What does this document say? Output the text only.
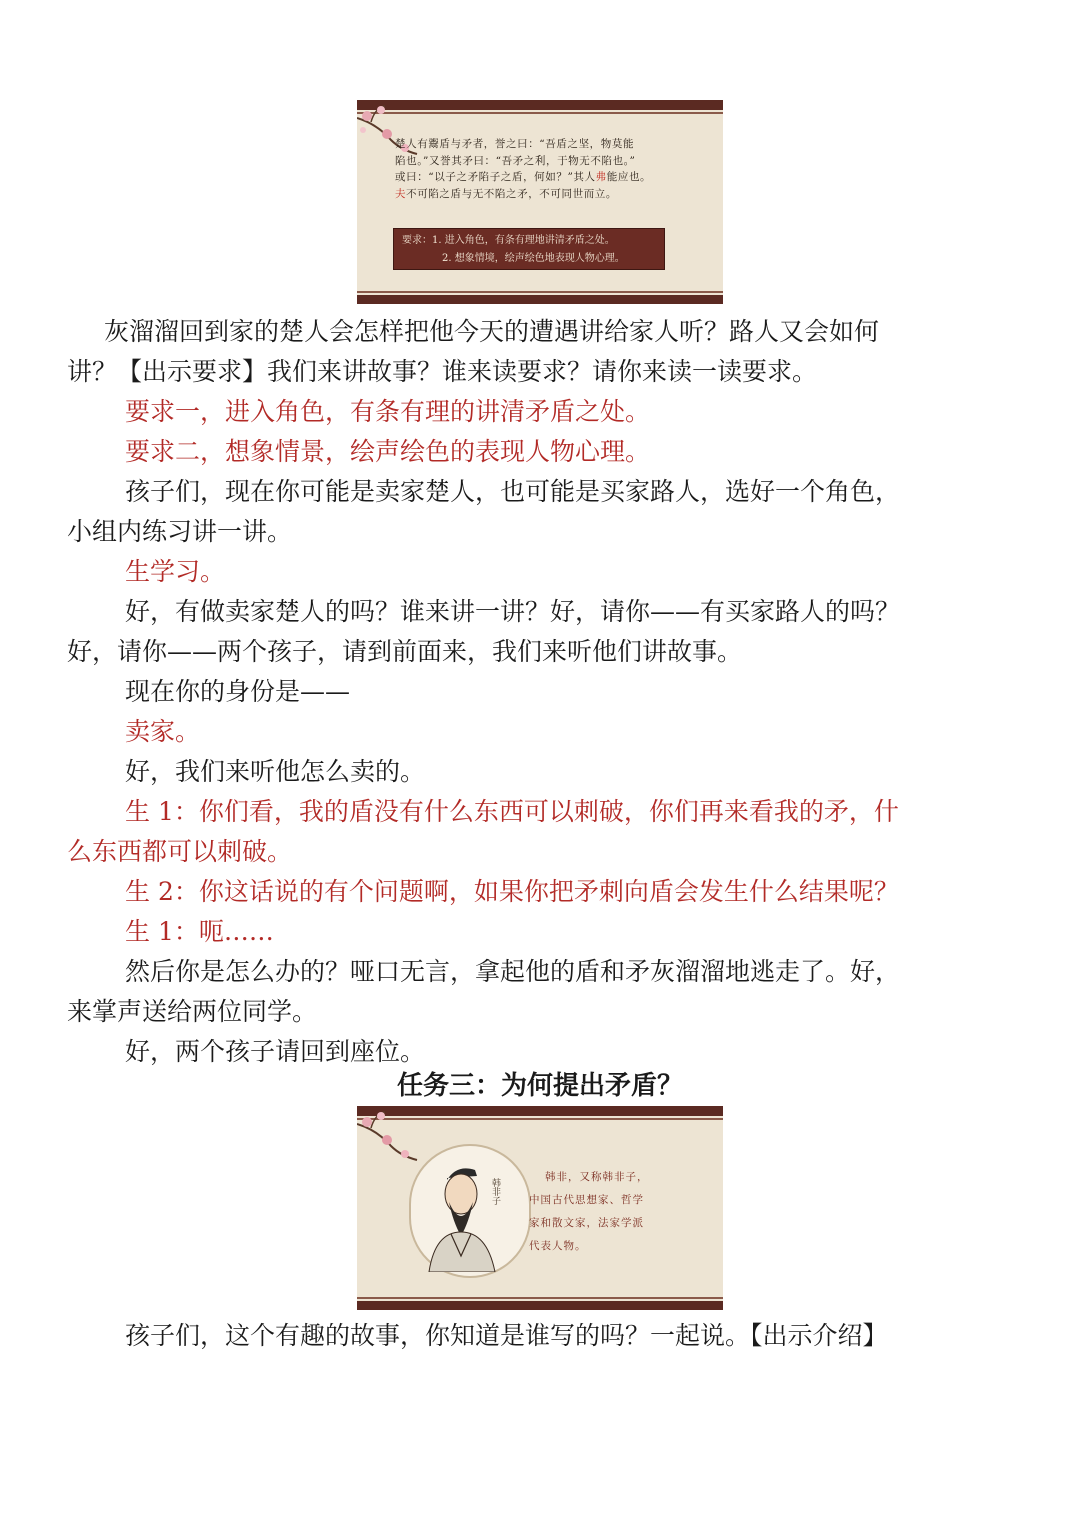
楚人有鬻盾与矛者，誉之曰：“吾盾之坚，物莫能

陷也。”又誉其矛曰：“吾矛之利，于物无不陷也。”

或曰：“以子之矛陷子之盾，何如？”其人弗能应也。

夫不可陷之盾与无不陷之矛，不可同世而立。

要求：1. 进入角色，有条有理地讲清矛盾之处。

2. 想象情境，绘声绘色地表现人物心理。

灰溜溜回到家的楚人会怎样把他今天的遭遇讲给家人听？路人又会如何

讲？【出示要求】我们来讲故事？谁来读要求？请你来读一读要求。

要求一，进入角色，有条有理的讲清矛盾之处。

要求二，想象情景，绘声绘色的表现人物心理。

孩子们，现在你可能是卖家楚人，也可能是买家路人，选好一个角色，

小组内练习讲一讲。

生学习。

好，有做卖家楚人的吗？谁来讲一讲？好，请你——有买家路人的吗？

好，请你——两个孩子，请到前面来，我们来听他们讲故事。

现在你的身份是——

卖家。

好，我们来听他怎么卖的。

生 1：你们看，我的盾没有什么东西可以刺破，你们再来看我的矛，什

么东西都可以刺破。

生 2：你这话说的有个问题啊，如果你把矛刺向盾会发生什么结果呢？

生 1：呃……

然后你是怎么办的？哑口无言，拿起他的盾和矛灰溜溜地逃走了。好，

来掌声送给两位同学。

好，两个孩子请回到座位。

任务三：为何提出矛盾？

韩非子

韩非，又称韩非子，

中国古代思想家、哲学

家和散文家，法家学派

代表人物。

孩子们，这个有趣的故事，你知道是谁写的吗？一起说。【出示介绍】
